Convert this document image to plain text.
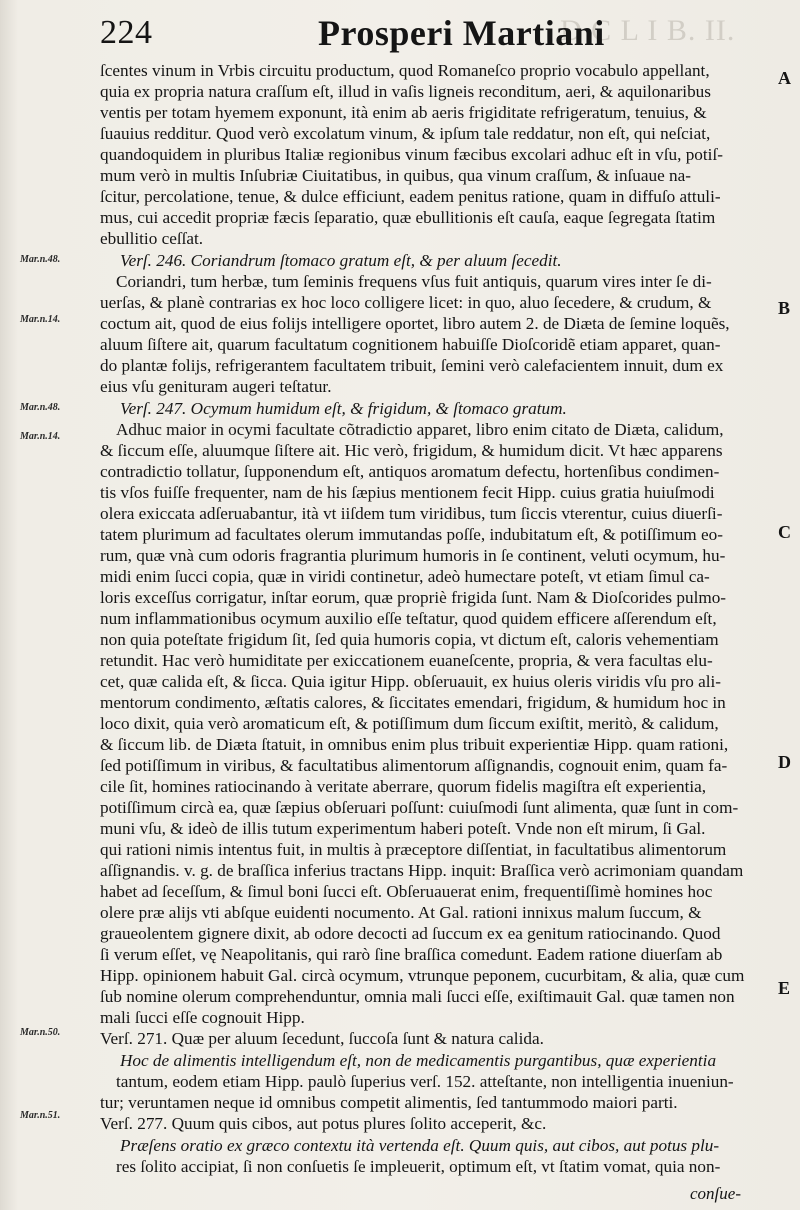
D C L I B. II.
224	Prosperi Martiani
A
B
C
D
E
Mar.n.48.
Mar.n.14.
Mar.n.48.
Mar.n.14.
Mar.n.50.
Mar.n.51.
ſcentes vinum in Vrbis circuitu productum, quod Romaneſco proprio vocabulo appellant,
quia ex propria natura craſſum eſt, illud in vaſis ligneis reconditum, aeri, & aquilonaribus
ventis per totam hyemem exponunt, ità enim ab aeris frigiditate refrigeratum, tenuius, &
ſuauius redditur. Quod verò excolatum vinum, & ipſum tale reddatur, non eſt, qui neſciat,
quandoquidem in pluribus Italiæ regionibus vinum fæcibus excolari adhuc eſt in vſu, potiſ-
mum verò in multis Inſubriæ Ciuitatibus, in quibus, qua vinum craſſum, & inſuaue na-
ſcitur, percolatione, tenue, & dulce efficiunt, eadem penitus ratione, quam in diffuſo attuli-
mus, cui accedit propriæ fæcis ſeparatio, quæ ebullitionis eſt cauſa, eaque ſegregata ſtatim
ebullitio ceſſat.
Verſ. 246. Coriandrum ſtomaco gratum eſt, & per aluum ſecedit.
Coriandri, tum herbæ, tum ſeminis frequens vſus fuit antiquis, quarum vires inter ſe di-
uerſas, & planè contrarias ex hoc loco colligere licet: in quo, aluo ſecedere, & crudum, &
coctum ait, quod de eius folijs intelligere oportet, libro autem 2. de Diæta de ſemine loquẽs,
aluum ſiſtere ait, quarum facultatum cognitionem habuiſſe Dioſcoridẽ etiam apparet, quan-
do plantæ folijs, refrigerantem facultatem tribuit, ſemini verò calefacientem innuit, dum ex
eius vſu genituram augeri teſtatur.
Verſ. 247. Ocymum humidum eſt, & frigidum, & ſtomaco gratum.
Adhuc maior in ocymi facultate cõtradictio apparet, libro enim citato de Diæta, calidum,
& ſiccum eſſe, aluumque ſiſtere ait. Hic verò, frigidum, & humidum dicit. Vt hæc apparens
contradictio tollatur, ſupponendum eſt, antiquos aromatum defectu, hortenſibus condimen-
tis vſos fuiſſe frequenter, nam de his ſæpius mentionem fecit Hipp. cuius gratia huiuſmodi
olera exiccata adſeruabantur, ità vt iiſdem tum viridibus, tum ſiccis vterentur, cuius diuerſi-
tatem plurimum ad facultates olerum immutandas poſſe, indubitatum eſt, & potiſſimum eo-
rum, quæ vnà cum odoris fragrantia plurimum humoris in ſe continent, veluti ocymum, hu-
midi enim ſucci copia, quæ in viridi continetur, adeò humectare poteſt, vt etiam ſimul ca-
loris exceſſus corrigatur, inſtar eorum, quæ propriè frigida ſunt. Nam & Dioſcorides pulmo-
num inflammationibus ocymum auxilio eſſe teſtatur, quod quidem efficere aſſerendum eſt,
non quia poteſtate frigidum ſit, ſed quia humoris copia, vt dictum eſt, caloris vehementiam
retundit. Hac verò humiditate per exiccationem euaneſcente, propria, & vera facultas elu-
cet, quæ calida eſt, & ſicca. Quia igitur Hipp. obſeruauit, ex huius oleris viridis vſu pro ali-
mentorum condimento, æſtatis calores, & ſiccitates emendari, frigidum, & humidum hoc in
loco dixit, quia verò aromaticum eſt, & potiſſimum dum ſiccum exiſtit, meritò, & calidum,
& ſiccum lib. de Diæta ſtatuit, in omnibus enim plus tribuit experientiæ Hipp. quam rationi,
ſed potiſſimum in viribus, & facultatibus alimentorum aſſignandis, cognouit enim, quam fa-
cile ſit, homines ratiocinando à veritate aberrare, quorum fidelis magiſtra eſt experientia,
potiſſimum circà ea, quæ ſæpius obſeruari poſſunt: cuiuſmodi ſunt alimenta, quæ ſunt in com-
muni vſu, & ideò de illis tutum experimentum haberi poteſt. Vnde non eſt mirum, ſi Gal.
qui rationi nimis intentus fuit, in multis à præceptore diſſentiat, in facultatibus alimentorum
aſſignandis. v. g. de braſſica inferius tractans Hipp. inquit: Braſſica verò acrimoniam quandam
habet ad ſeceſſum, & ſimul boni ſucci eſt. Obſeruauerat enim, frequentiſſimè homines hoc
olere præ alijs vti abſque euidenti nocumento. At Gal. rationi innixus malum ſuccum, &
graueolentem gignere dixit, ab odore decocti ad ſuccum ex ea genitum ratiocinando. Quod
ſi verum eſſet, vę Neapolitanis, qui rarò ſine braſſica comedunt. Eadem ratione diuerſam ab
Hipp. opinionem habuit Gal. circà ocymum, vtrunque peponem, cucurbitam, & alia, quæ cum
ſub nomine olerum comprehenduntur, omnia mali ſucci eſſe, exiſtimauit Gal. quæ tamen non
mali ſucci eſſe cognouit Hipp.
Verſ. 271. Quæ per aluum ſecedunt, ſuccoſa ſunt & natura calida.
Hoc de alimentis intelligendum eſt, non de medicamentis purgantibus, quæ experientia
tantum, eodem etiam Hipp. paulò ſuperius verſ. 152. atteſtante, non intelligentia inueniun-
tur; veruntamen neque id omnibus competit alimentis, ſed tantummodo maiori parti.
Verſ. 277. Quum quis cibos, aut potus plures ſolito acceperit, &c.
Præſens oratio ex græco contextu ità vertenda eſt. Quum quis, aut cibos, aut potus plu-
res ſolito accipiat, ſi non conſuetis ſe impleuerit, optimum eſt, vt ſtatim vomat, quia non-
conſue-
